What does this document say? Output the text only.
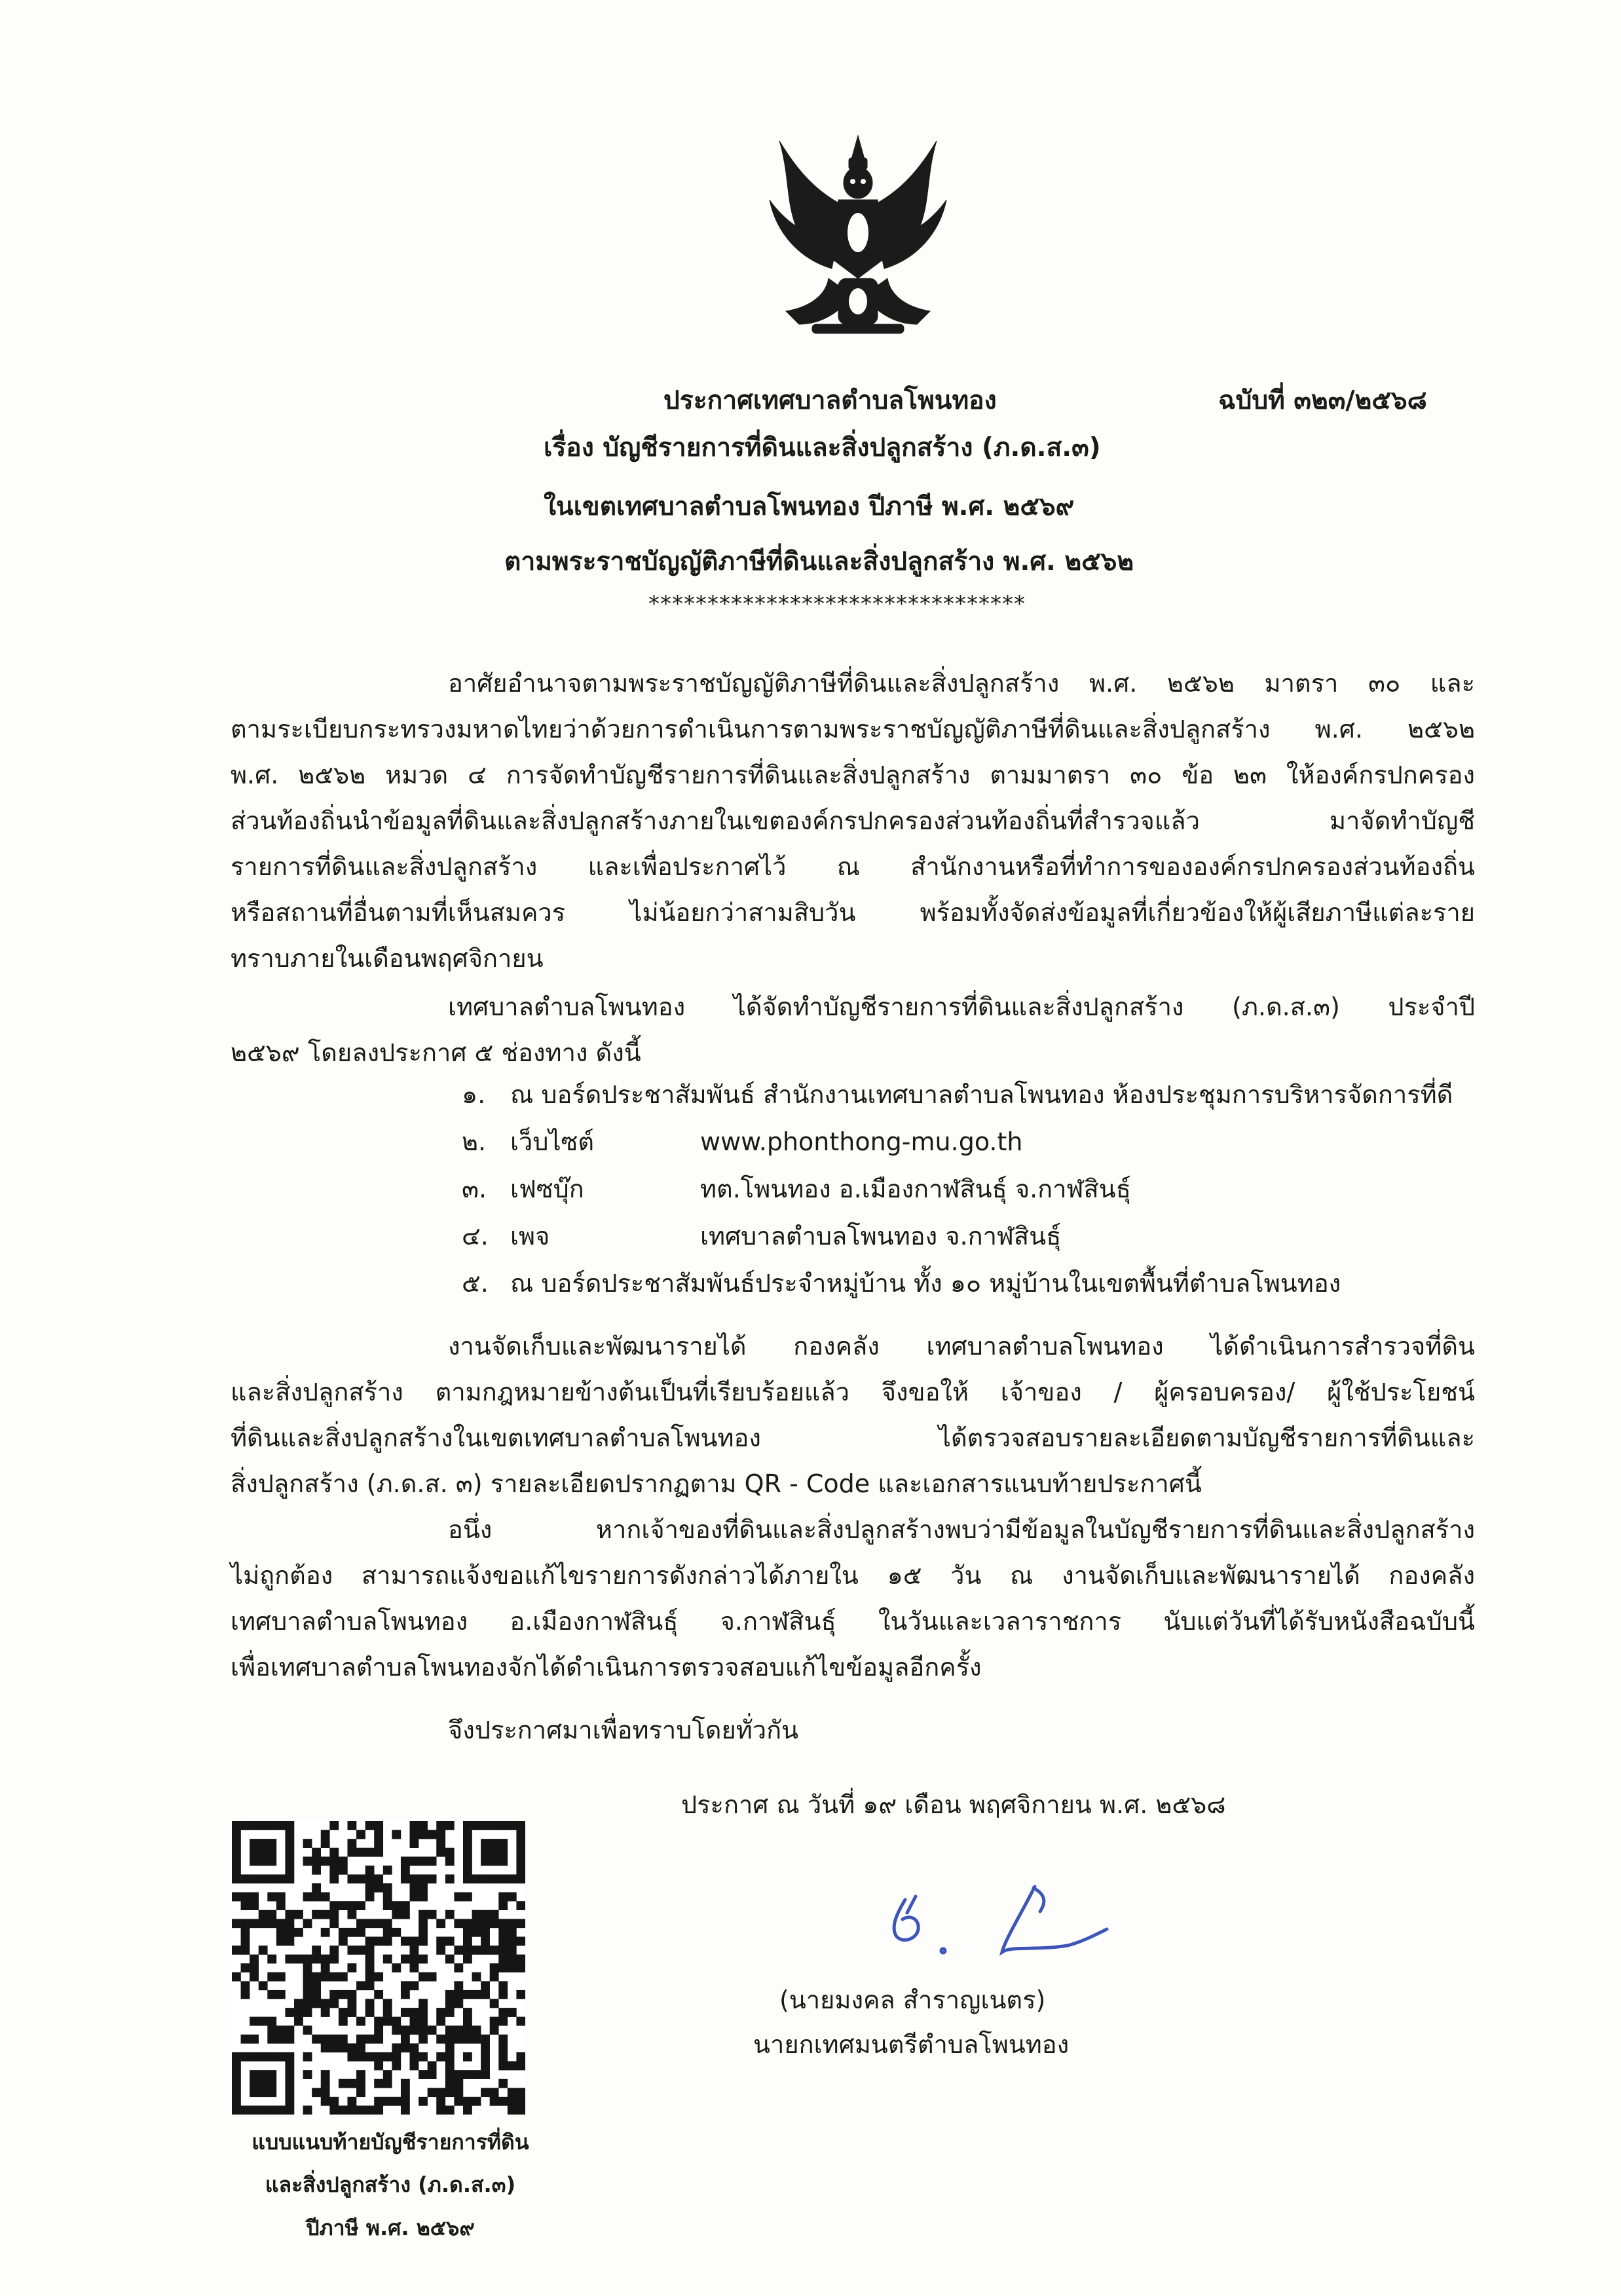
ประกาศเทศบาลตำบลโพนทอง	ฉบับที่ ๓๒๓/๒๕๖๘
เรื่อง บัญชีรายการที่ดินและสิ่งปลูกสร้าง (ภ.ด.ส.๓)
ในเขตเทศบาลตำบลโพนทอง ปีภาษี พ.ศ. ๒๕๖๙
ตามพระราชบัญญัติภาษีที่ดินและสิ่งปลูกสร้าง พ.ศ. ๒๕๖๒
********************************
อาศัยอำนาจตามพระราชบัญญัติภาษีที่ดินและสิ่งปลูกสร้าง พ.ศ. ๒๕๖๒ มาตรา ๓๐ และ
ตามระเบียบกระทรวงมหาดไทยว่าด้วยการดำเนินการตามพระราชบัญญัติภาษีที่ดินและสิ่งปลูกสร้าง พ.ศ. ๒๕๖๒
พ.ศ. ๒๕๖๒ หมวด ๔ การจัดทำบัญชีรายการที่ดินและสิ่งปลูกสร้าง ตามมาตรา ๓๐ ข้อ ๒๓ ให้องค์กรปกครอง
ส่วนท้องถิ่นนำข้อมูลที่ดินและสิ่งปลูกสร้างภายในเขตองค์กรปกครองส่วนท้องถิ่นที่สำรวจแล้ว มาจัดทำบัญชี
รายการที่ดินและสิ่งปลูกสร้าง และเพื่อประกาศไว้ ณ สำนักงานหรือที่ทำการขององค์กรปกครองส่วนท้องถิ่น
หรือสถานที่อื่นตามที่เห็นสมควร ไม่น้อยกว่าสามสิบวัน พร้อมทั้งจัดส่งข้อมูลที่เกี่ยวข้องให้ผู้เสียภาษีแต่ละราย
ทราบภายในเดือนพฤศจิกายน
เทศบาลตำบลโพนทอง ได้จัดทำบัญชีรายการที่ดินและสิ่งปลูกสร้าง (ภ.ด.ส.๓) ประจำปี
๒๕๖๙ โดยลงประกาศ ๕ ช่องทาง ดังนี้
๑. ณ บอร์ดประชาสัมพันธ์ สำนักงานเทศบาลตำบลโพนทอง ห้องประชุมการบริหารจัดการที่ดี
๒. เว็บไซต์	www.phonthong-mu.go.th
๓. เฟซบุ๊ก	ทต.โพนทอง อ.เมืองกาฬสินธุ์ จ.กาฬสินธุ์
๔. เพจ	เทศบาลตำบลโพนทอง จ.กาฬสินธุ์
๕. ณ บอร์ดประชาสัมพันธ์ประจำหมู่บ้าน ทั้ง ๑๐ หมู่บ้านในเขตพื้นที่ตำบลโพนทอง
งานจัดเก็บและพัฒนารายได้ กองคลัง เทศบาลตำบลโพนทอง ได้ดำเนินการสำรวจที่ดิน
และสิ่งปลูกสร้าง ตามกฎหมายข้างต้นเป็นที่เรียบร้อยแล้ว จึงขอให้ เจ้าของ / ผู้ครอบครอง/ ผู้ใช้ประโยชน์
ที่ดินและสิ่งปลูกสร้างในเขตเทศบาลตำบลโพนทอง ได้ตรวจสอบรายละเอียดตามบัญชีรายการที่ดินและ
สิ่งปลูกสร้าง (ภ.ด.ส. ๓) รายละเอียดปรากฏตาม QR - Code และเอกสารแนบท้ายประกาศนี้
อนึ่ง หากเจ้าของที่ดินและสิ่งปลูกสร้างพบว่ามีข้อมูลในบัญชีรายการที่ดินและสิ่งปลูกสร้าง
ไม่ถูกต้อง สามารถแจ้งขอแก้ไขรายการดังกล่าวได้ภายใน ๑๕ วัน ณ งานจัดเก็บและพัฒนารายได้ กองคลัง
เทศบาลตำบลโพนทอง อ.เมืองกาฬสินธุ์ จ.กาฬสินธุ์ ในวันและเวลาราชการ นับแต่วันที่ได้รับหนังสือฉบับนี้
เพื่อเทศบาลตำบลโพนทองจักได้ดำเนินการตรวจสอบแก้ไขข้อมูลอีกครั้ง
จึงประกาศมาเพื่อทราบโดยทั่วกัน
ประกาศ ณ วันที่ ๑๙ เดือน พฤศจิกายน พ.ศ. ๒๕๖๘
(นายมงคล สำราญเนตร)
นายกเทศมนตรีตำบลโพนทอง
แบบแนบท้ายบัญชีรายการที่ดิน
และสิ่งปลูกสร้าง (ภ.ด.ส.๓)
ปีภาษี พ.ศ. ๒๕๖๙
